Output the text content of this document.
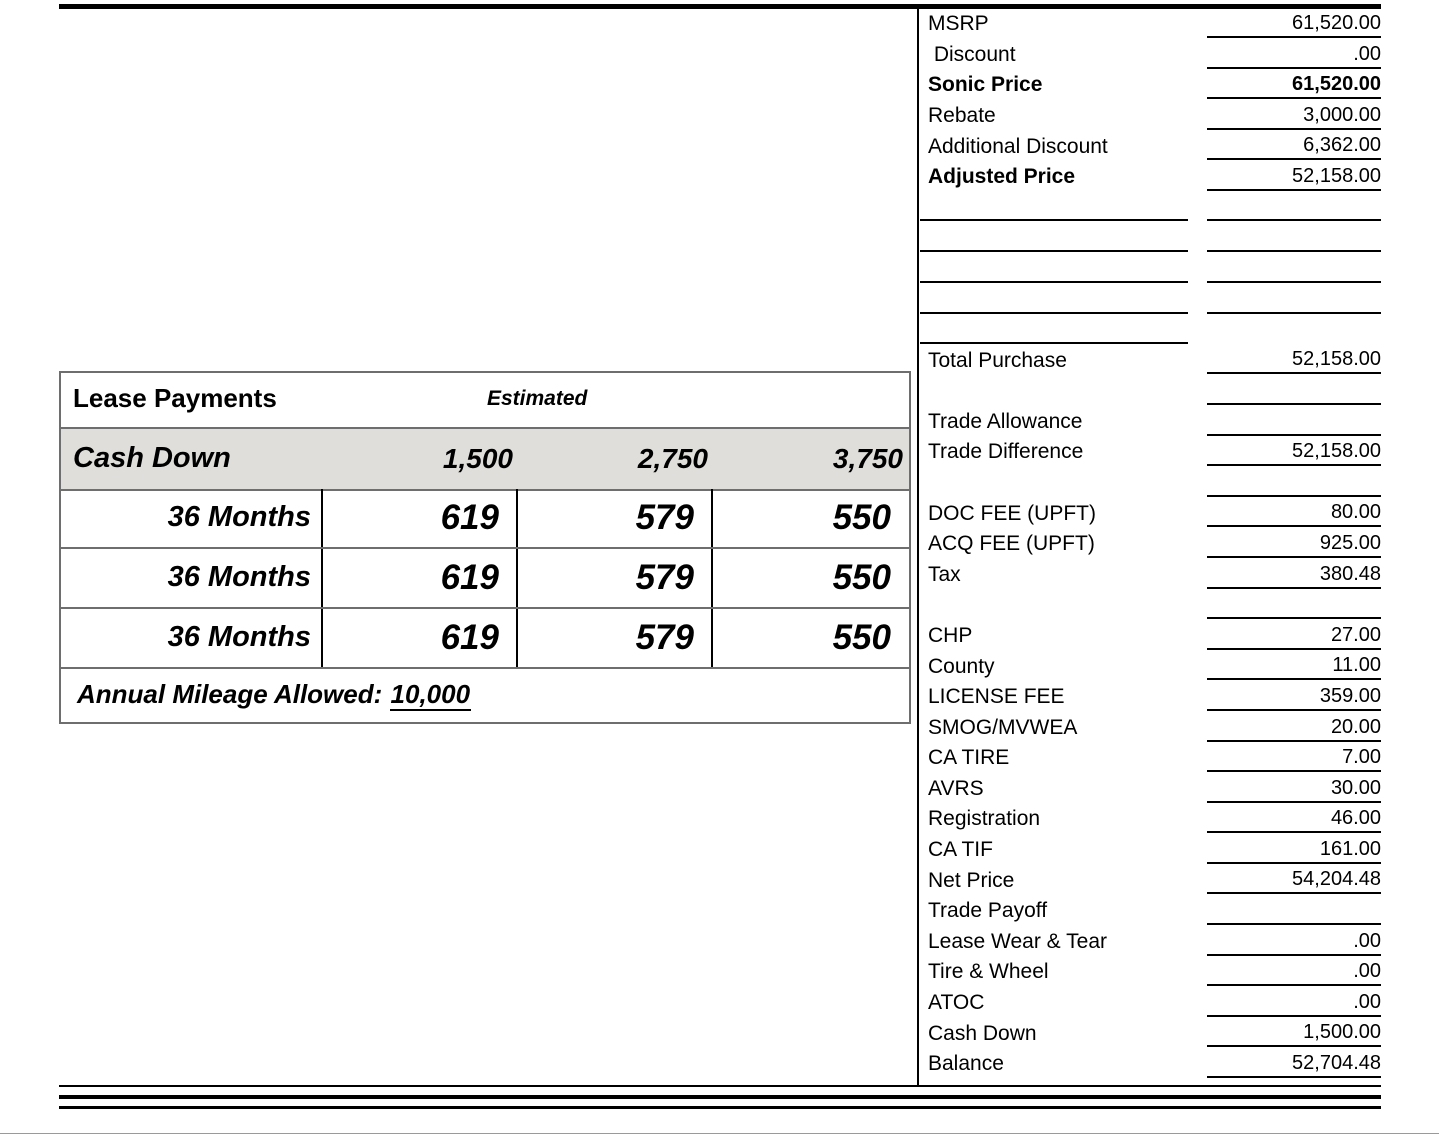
MSRP	61,520.00
Discount	.00
Sonic Price	61,520.00
Rebate	3,000.00
Additional Discount	6,362.00
Adjusted Price	52,158.00
Total Purchase	52,158.00
Trade Allowance
Trade Difference	52,158.00
DOC FEE (UPFT)	80.00
ACQ FEE (UPFT)	925.00
Tax	380.48
CHP	27.00
County	11.00
LICENSE FEE	359.00
SMOG/MVWEA	20.00
CA TIRE	7.00
AVRS	30.00
Registration	46.00
CA TIF	161.00
Net Price	54,204.48
Trade Payoff
Lease Wear & Tear	.00
Tire & Wheel	.00
ATOC	.00
Cash Down	1,500.00
Balance	52,704.48
Lease Payments	Estimated
Cash Down	1,500	2,750	3,750
36 Months	619	579	550
36 Months	619	579	550
36 Months	619	579	550
Annual Mileage Allowed: 10,000
